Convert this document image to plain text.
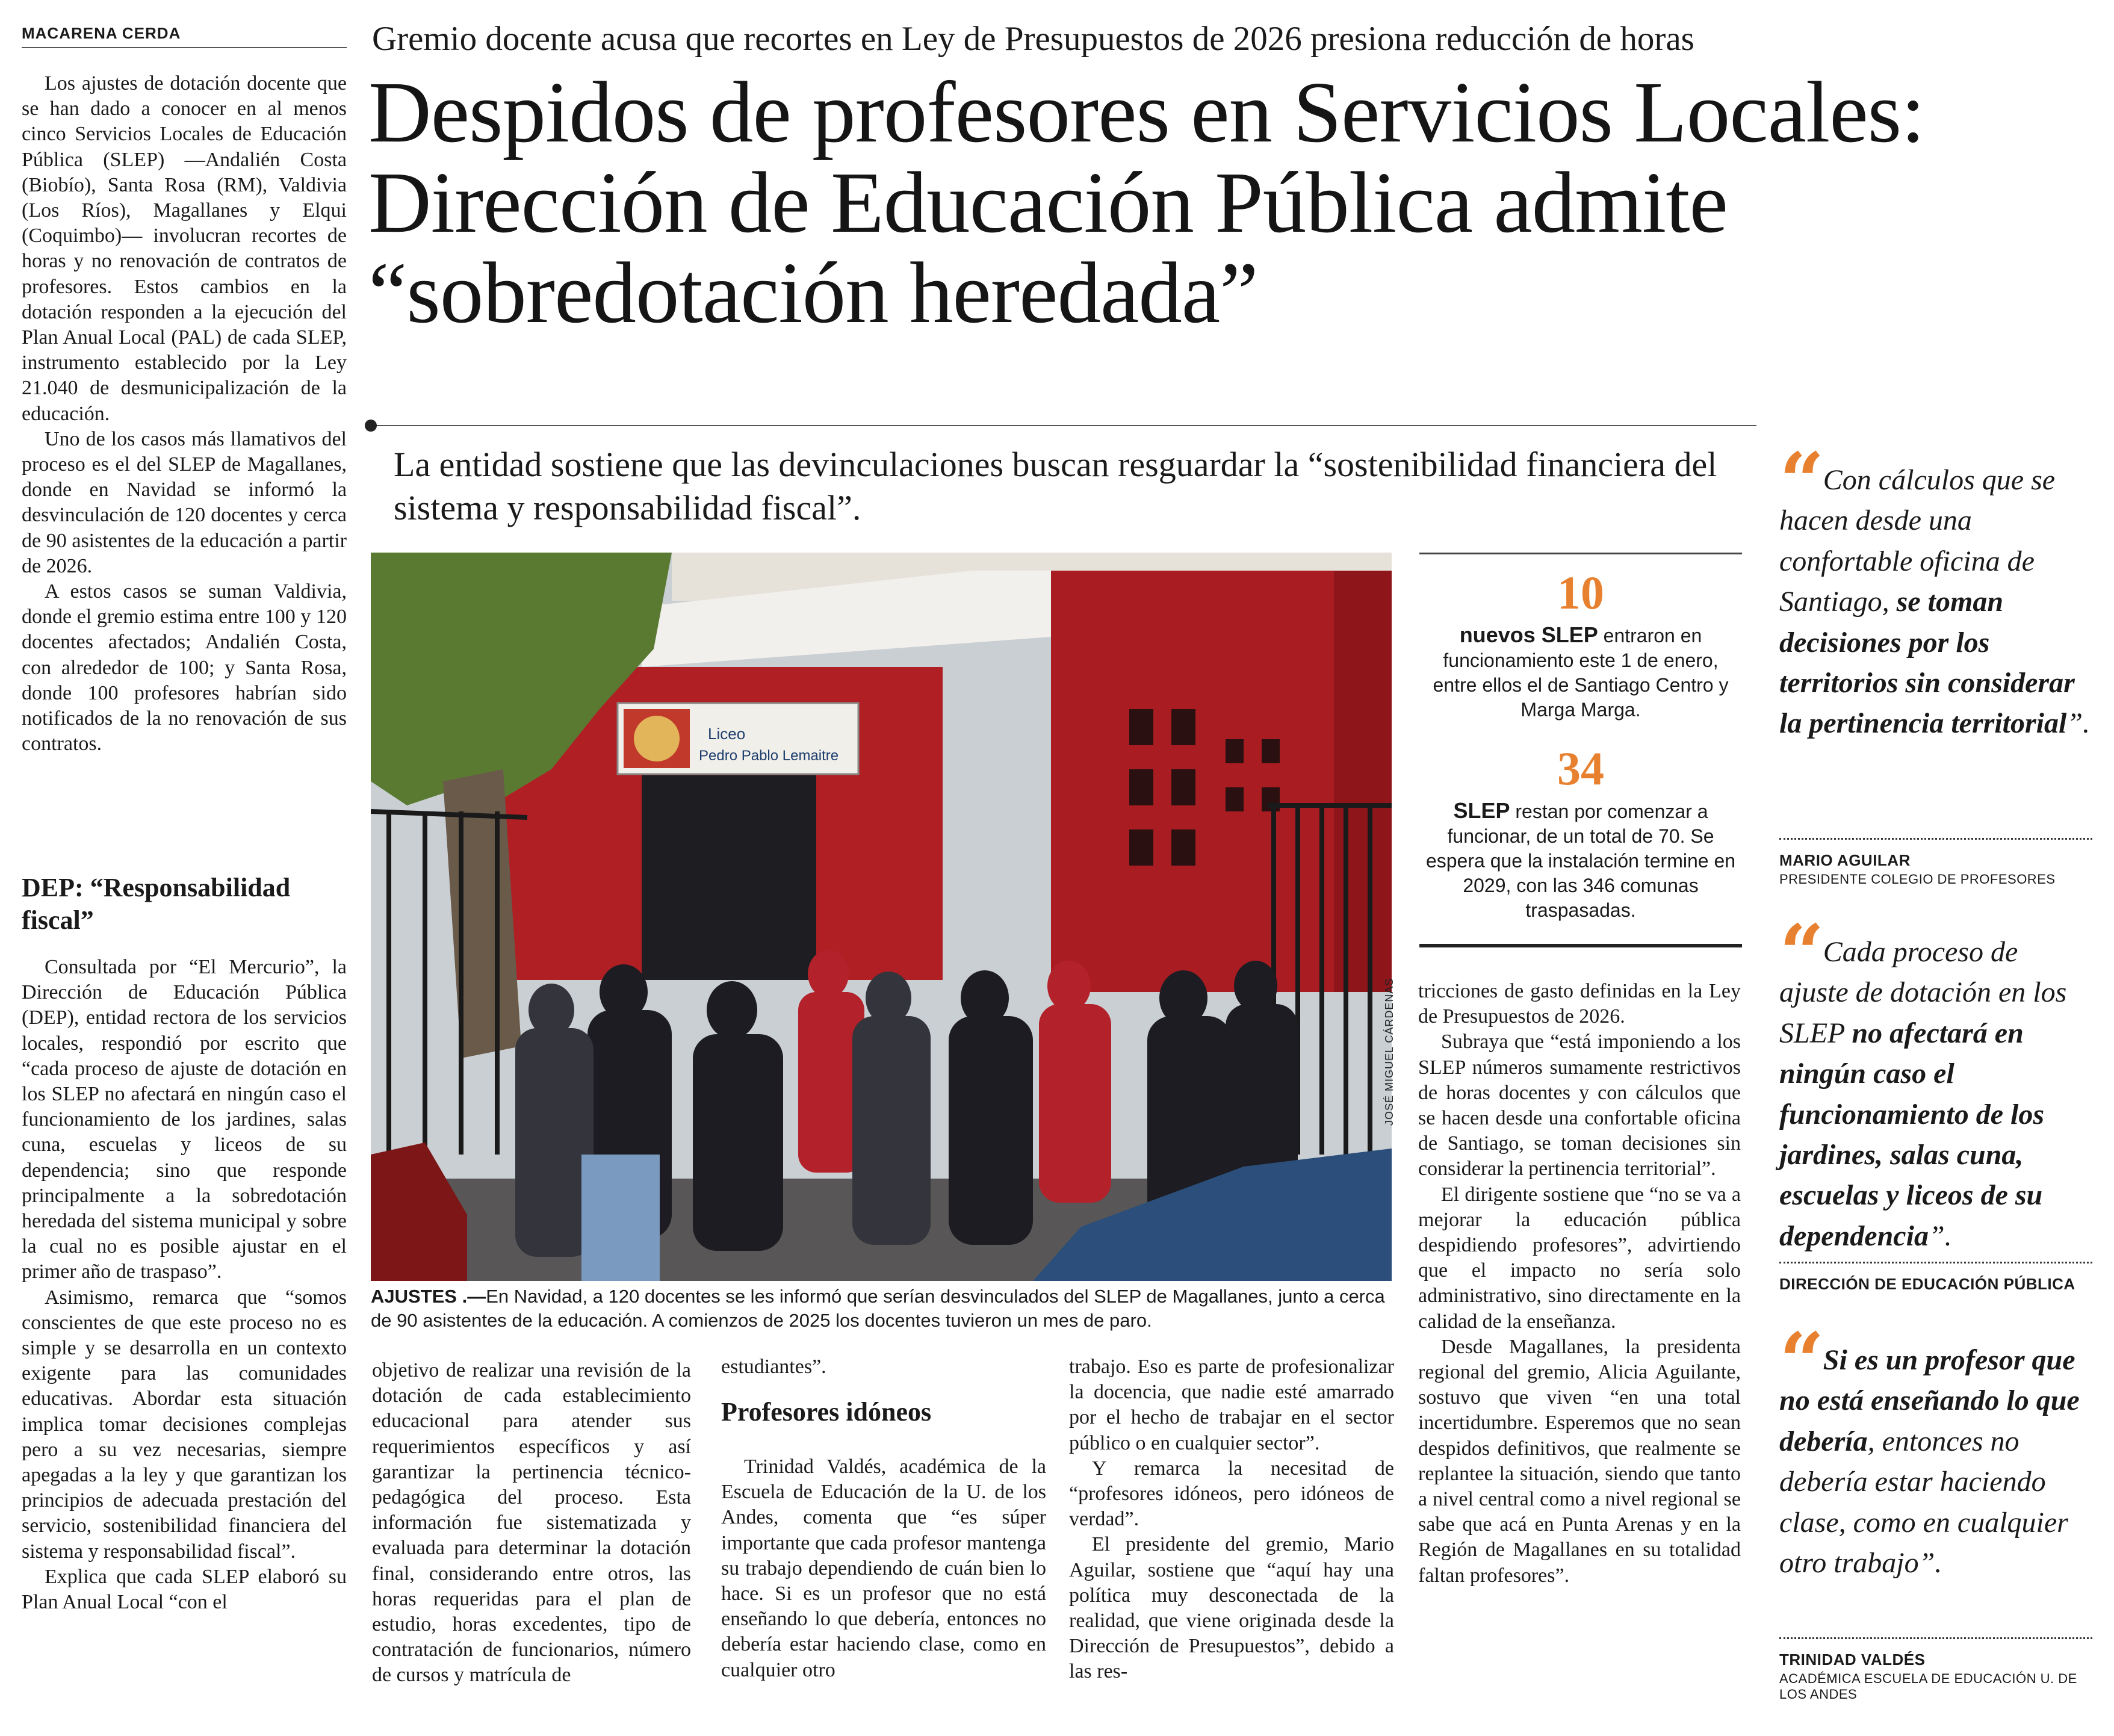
MACARENA CERDA	Gremio docente acusa que recortes en Ley de Presupuestos de 2026 presiona reducción de horas
Despidos de profesores en Servicios Locales: Dirección de Educación Pública admite “sobredotación heredada”
La entidad sostiene que las devinculaciones buscan resguardar la “sostenibilidad financiera del sistema y responsabilidad fiscal”.

Los ajustes de dotación docente que se han dado a conocer en al menos cinco Servicios Locales de Educación Pública (SLEP) —Andalién Costa (Biobío), Santa Rosa (RM), Valdivia (Los Ríos), Magallanes y Elqui (Coquimbo)— involucran recortes de horas y no renovación de contratos de profesores. Estos cambios en la dotación responden a la ejecución del Plan Anual Local (PAL) de cada SLEP, instrumento establecido por la Ley 21.040 de desmunicipalización de la educación.

Uno de los casos más llamativos del proceso es el del SLEP de Magallanes, donde en Navidad se informó la desvinculación de 120 docentes y cerca de 90 asistentes de la educación a partir de 2026.

A estos casos se suman Valdivia, donde el gremio estima entre 100 y 120 docentes afectados; Andalién Costa, con alrededor de 100; y Santa Rosa, donde 100 profesores habrían sido notificados de la no renovación de sus contratos.

DEP: “Responsabilidad fiscal”

Consultada por “El Mercurio”, la Dirección de Educación Pública (DEP), entidad rectora de los servicios locales, respondió por escrito que “cada proceso de ajuste de dotación en los SLEP no afectará en ningún caso el funcionamiento de los jardines, salas cuna, escuelas y liceos de su dependencia; sino que responde principalmente a la sobredotación heredada del sistema municipal y sobre la cual no es posible ajustar en el primer año de traspaso”.

Asimismo, remarca que “somos conscientes de que este proceso no es simple y se desarrolla en un contexto exigente para las comunidades educativas. Abordar esta situación implica tomar decisiones complejas pero a su vez necesarias, siempre apegadas a la ley y que garantizan los principios de adecuada prestación del servicio, sostenibilidad financiera del sistema y responsabilidad fiscal”.

Explica que cada SLEP elaboró su Plan Anual Local “con el

Liceo
Pedro Pablo Lemaitre
JOSÉ MIGUEL CÁRDENAS
AJUSTES .—En Navidad, a 120 docentes se les informó que serían desvinculados del SLEP de Magallanes, junto a cerca de 90 asistentes de la educación. A comienzos de 2025 los docentes tuvieron un mes de paro.

objetivo de realizar una revisión de la dotación de cada establecimiento educacional para atender sus requerimientos específicos y así garantizar la pertinencia técnico-pedagógica del proceso. Esta información fue sistematizada y evaluada para determinar la dotación final, considerando entre otros, las horas requeridas para el plan de estudio, horas excedentes, tipo de contratación de funcionarios, número de cursos y matrícula de

estudiantes”.

Profesores idóneos

Trinidad Valdés, académica de la Escuela de Educación de la U. de los Andes, comenta que “es súper importante que cada profesor mantenga su trabajo dependiendo de cuán bien lo hace. Si es un profesor que no está enseñando lo que debería, entonces no debería estar haciendo clase, como en cualquier otro

trabajo. Eso es parte de profesionalizar la docencia, que nadie esté amarrado por el hecho de trabajar en el sector público o en cualquier sector”.

Y remarca la necesitad de “profesores idóneos, pero idóneos de verdad”.

El presidente del gremio, Mario Aguilar, sostiene que “aquí hay una política muy desconectada de la realidad, que viene originada desde la Dirección de Presupuestos”, debido a las res-

10
nuevos SLEP entraron en funcionamiento este 1 de enero, entre ellos el de Santiago Centro y Marga Marga.
34
SLEP restan por comenzar a funcionar, de un total de 70. Se espera que la instalación termine en 2029, con las 346 comunas traspasadas.

tricciones de gasto definidas en la Ley de Presupuestos de 2026.

Subraya que “está imponiendo a los SLEP números sumamente restrictivos de horas docentes y con cálculos que se hacen desde una confortable oficina de Santiago, se toman decisiones sin considerar la pertinencia territorial”.

El dirigente sostiene que “no se va a mejorar la educación pública despidiendo profesores”, advirtiendo que el impacto no sería solo administrativo, sino directamente en la calidad de la enseñanza.

Desde Magallanes, la presidenta regional del gremio, Alicia Aguilante, sostuvo que viven “en una total incertidumbre. Esperemos que no sean despidos definitivos, que realmente se replantee la situación, siendo que tanto a nivel central como a nivel regional se sabe que acá en Punta Arenas y en la Región de Magallanes en su totalidad faltan profesores”.

“ Con cálculos que se hacen desde una confortable oficina de Santiago, se toman decisiones por los territorios sin considerar la pertinencia territorial”.
MARIO AGUILAR
PRESIDENTE COLEGIO DE PROFESORES
“ Cada proceso de ajuste de dotación en los SLEP no afectará en ningún caso el funcionamiento de los jardines, salas cuna, escuelas y liceos de su dependencia”.
DIRECCIÓN DE EDUCACIÓN PÚBLICA
“ Si es un profesor que no está enseñando lo que debería, entonces no debería estar haciendo clase, como en cualquier otro trabajo”.
TRINIDAD VALDÉS
ACADÉMICA ESCUELA DE EDUCACIÓN U. DE LOS ANDES
